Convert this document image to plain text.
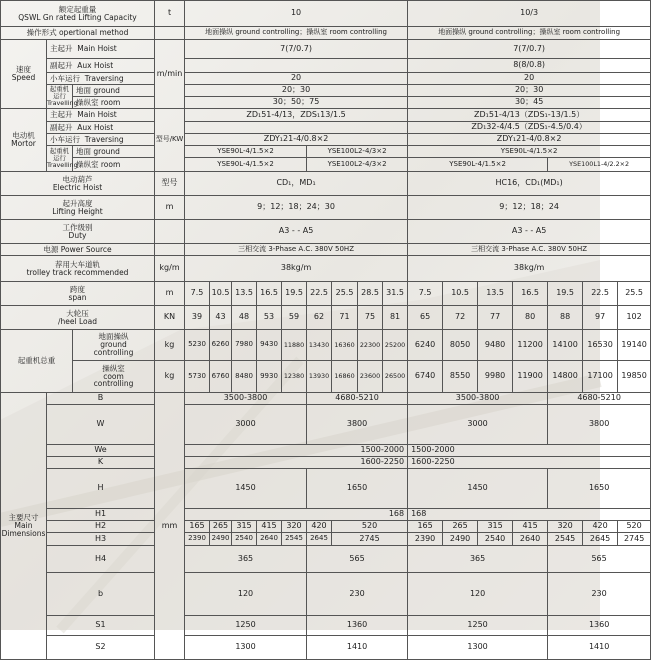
额定起重量
QSWL Gn rated Lifting Capacity			t	10									10/3						
操作形式 opertional method				地面操纵 ground controlling；操纵室 room controlling									地面操纵 ground controlling；操纵室 room controlling						

速度
Speed	主起升 Main Hoist		m/min	7(7/0.7)									7(7/0.7)						
	副起升 Aux Hoist												8(8/0.8)						
	小车运行 Traversing			20									20						

	起重机运行
Travelling	地面 ground		20；30									20；30						
		操纵室 room		30；50；75									30；45						

电动机
Mortor	主起升 Main Hoist		型号/KW	ZD₁51-4/13，ZDS₁13/1.5									ZD₁51-4/13（ZDS₁-13/1.5）						
	副起升 Aux Hoist												ZD₁32-4/4.5（ZDS₁-4.5/0.4）						
	小车运行 Traversing			ZDY₁21-4/0.8×2									ZDY₁21-4/0.8×2						

	起重机运行
Travelling	地面 ground		YSE90L-4/1.5×2					YSE100L2-4/3×2				YSE90L-4/1.5×2						
		操纵室 room		YSE90L-4/1.5×2					YSE100L2-4/3×2				YSE90L-4/1.5×2				YSE100L1-4/2.2×2		

电动葫芦
Electric Hoist			型号	CD₁，MD₁									HC16，CD₁(MD₁)						

起升高度
Lifting Height			m	9；12；18；24；30									9；12；18；24						

工作级别
Duty				A3 - - A5									A3 - - A5						
电源 Power Source				三相交流 3-Phase A.C. 380V 50HZ									三相交流 3-Phase A.C. 380V 50HZ						

荐用大车道轨
trolley track recommended			kg/m	38kg/m									38kg/m						

跨度
span			m	7.5	10.5	13.5	16.5	19.5	22.5	25.5	28.5	31.5	7.5	10.5	13.5	16.5	19.5	22.5	25.5

大轮压
/heel Load			KN	39	43	48	53	59	62	71	75	81	65	72	77	80	88	97	102
起重机总重		地面操纵
ground
controlling	kg	5230	6260	7980	9430	11880	13430	16360	22300	25200	6240	8050	9480	11200	14100	16530	19140

		操纵室
coom
controlling	kg	5730	6760	8480	9930	12380	13930	16860	23600	26500	6740	8550	9980	11900	14800	17100	19850

主要尺寸
Main
Dimensions	B		mm	3500-3800					4680-5210				3500-3800				4680-5210		
	W			3000					3800				3000				3800		
	We			1500-2000									1500-2000						
	K			1600-2250									1600-2250						
	H			1450					1650				1450				1650		
	H1			168									168						
	H2			165	265	315	415	320	420	520			165	265	315	415	320	420	520
	H3			2390	2490	2540	2640	2545	2645	2745			2390	2490	2540	2640	2545	2645	2745
	H4			365					565				365				565		
	b			120					230				120				230		
	S1			1250					1360				1250				1360		
	S2			1300					1410				1300				1410		
